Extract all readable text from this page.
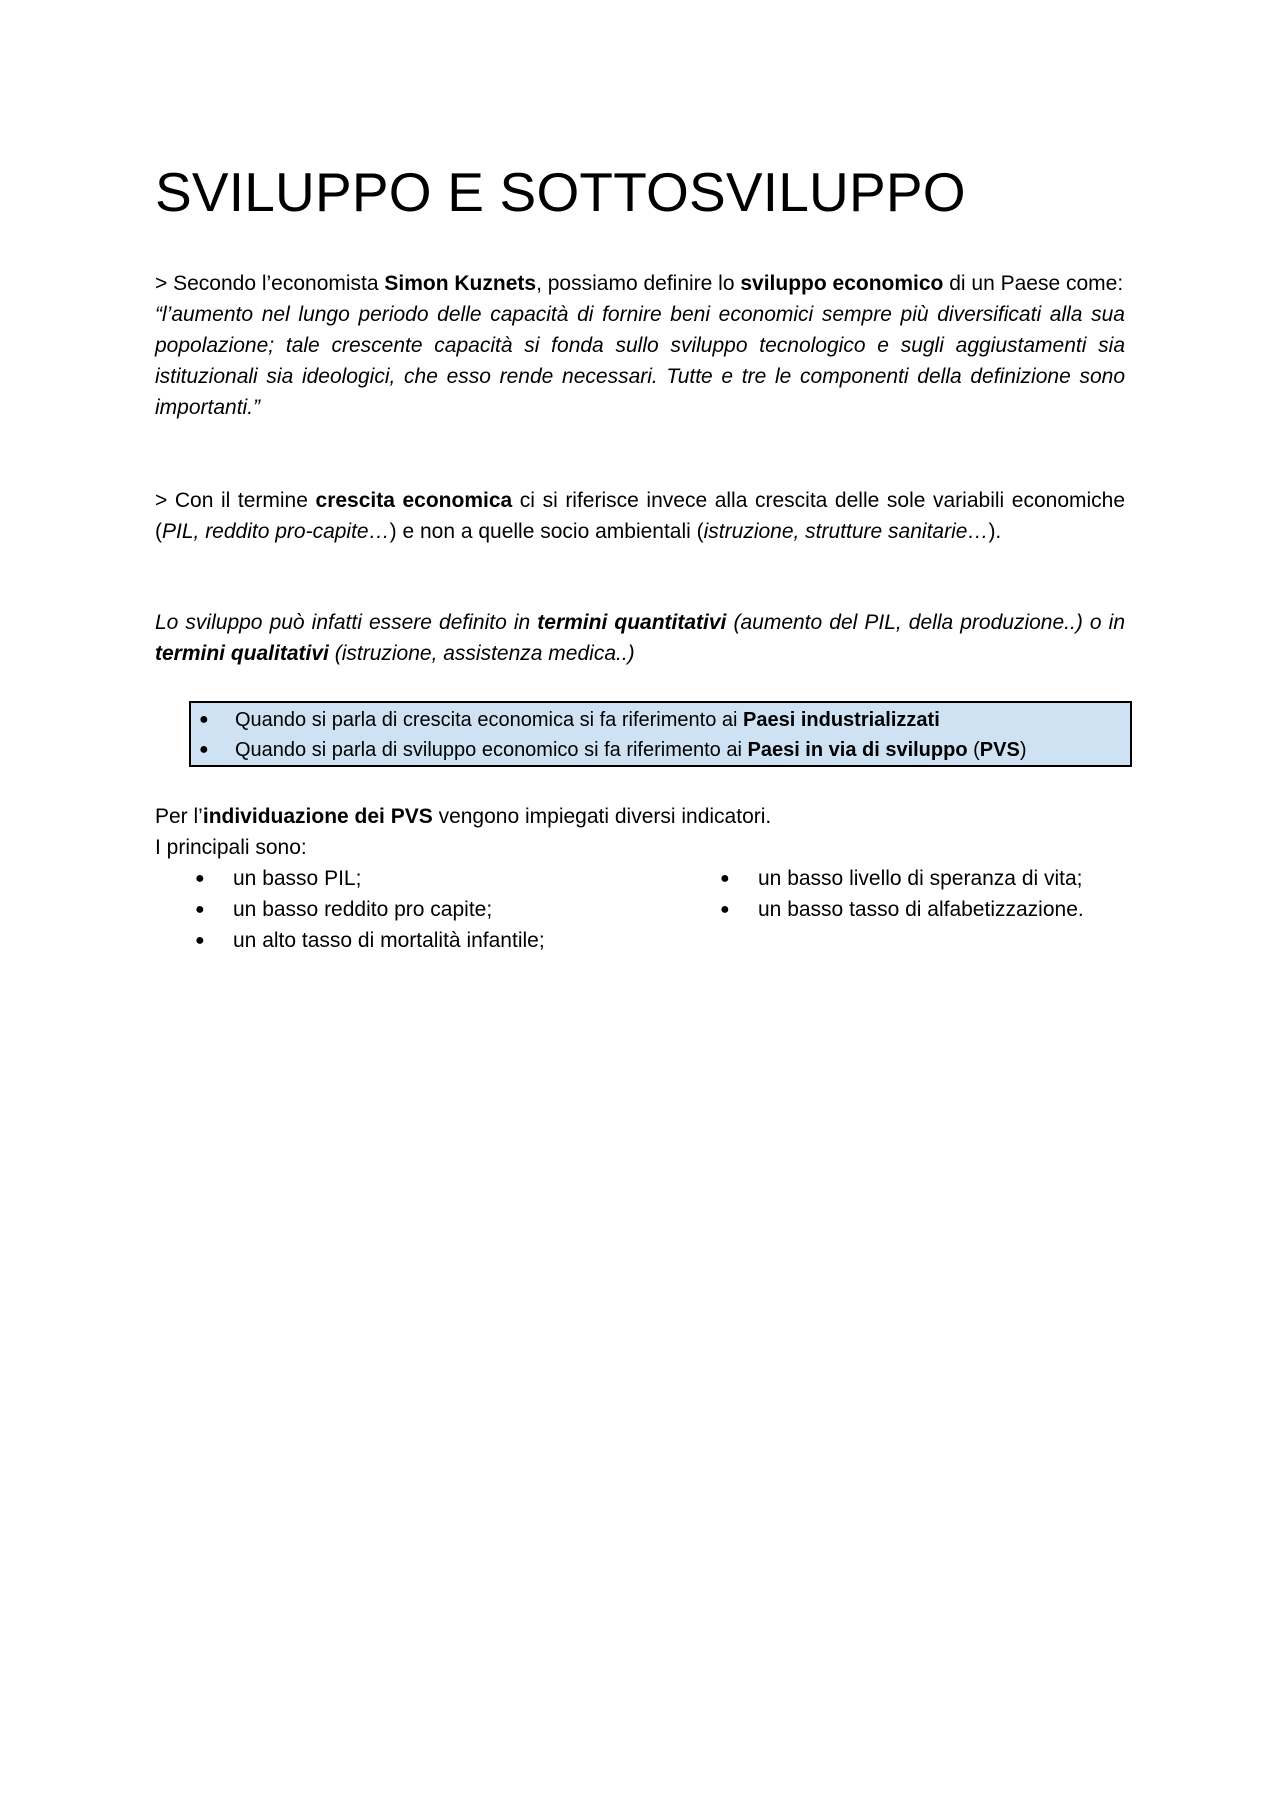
SVILUPPO E SOTTOSVILUPPO

> Secondo l’economista Simon Kuznets, possiamo definire lo sviluppo economico di un Paese come:
“l’aumento nel lungo periodo delle capacità di fornire beni economici sempre più diversificati alla sua popolazione; tale crescente capacità si fonda sullo sviluppo tecnologico e sugli aggiustamenti sia istituzionali sia ideologici, che esso rende necessari. Tutte e tre le componenti della definizione sono importanti.”

> Con il termine crescita economica ci si riferisce invece alla crescita delle sole variabili economiche (PIL, reddito pro-capite…) e non a quelle socio ambientali (istruzione, strutture sanitarie…).

Lo sviluppo può infatti essere definito in termini quantitativi (aumento del PIL, della produzione..) o in termini qualitativi (istruzione, assistenza medica..)

● Quando si parla di crescita economica si fa riferimento ai Paesi industrializzati
● Quando si parla di sviluppo economico si fa riferimento ai Paesi in via di sviluppo (PVS)

Per l’individuazione dei PVS vengono impiegati diversi indicatori.

I principali sono:

● un basso PIL;
● un basso reddito pro capite;
● un alto tasso di mortalità infantile;
● un basso livello di speranza di vita;
● un basso tasso di alfabetizzazione.
